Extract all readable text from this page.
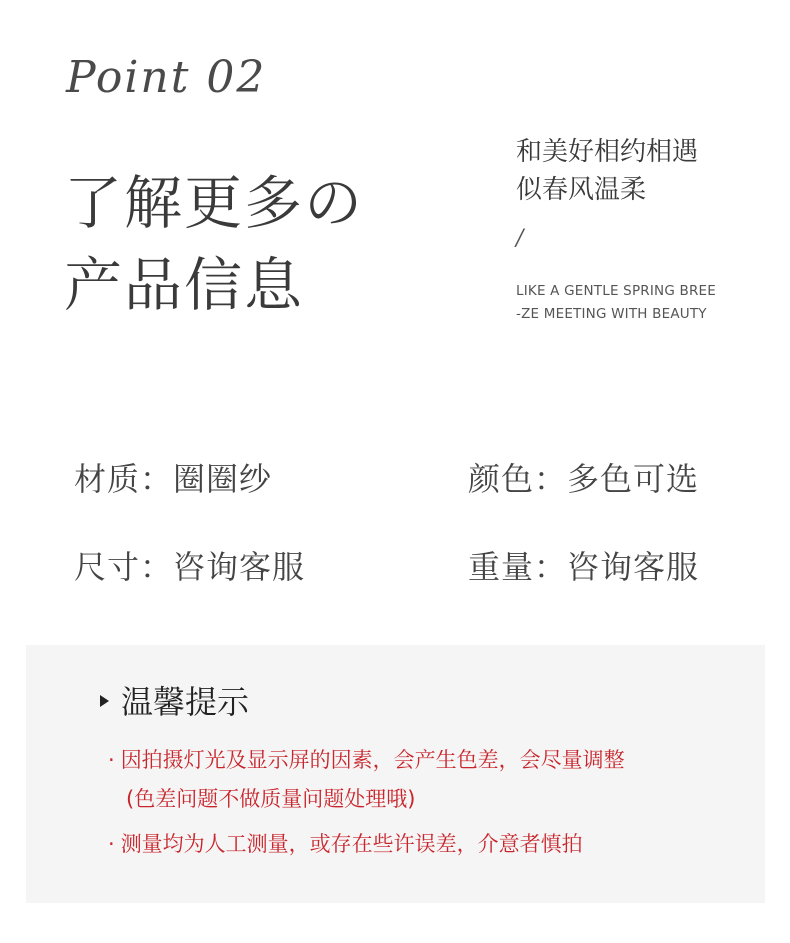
Point 02
了解更多の
产品信息
和美好相约相遇
似春风温柔
/
LIKE A GENTLE SPRING BREE
-ZE MEETING WITH BEAUTY
材质：圈圈纱	颜色：多色可选
尺寸：咨询客服	重量：咨询客服
温馨提示
· 因拍摄灯光及显示屏的因素，会产生色差，会尽量调整
(色差问题不做质量问题处理哦)
· 测量均为人工测量，或存在些许误差，介意者慎拍
